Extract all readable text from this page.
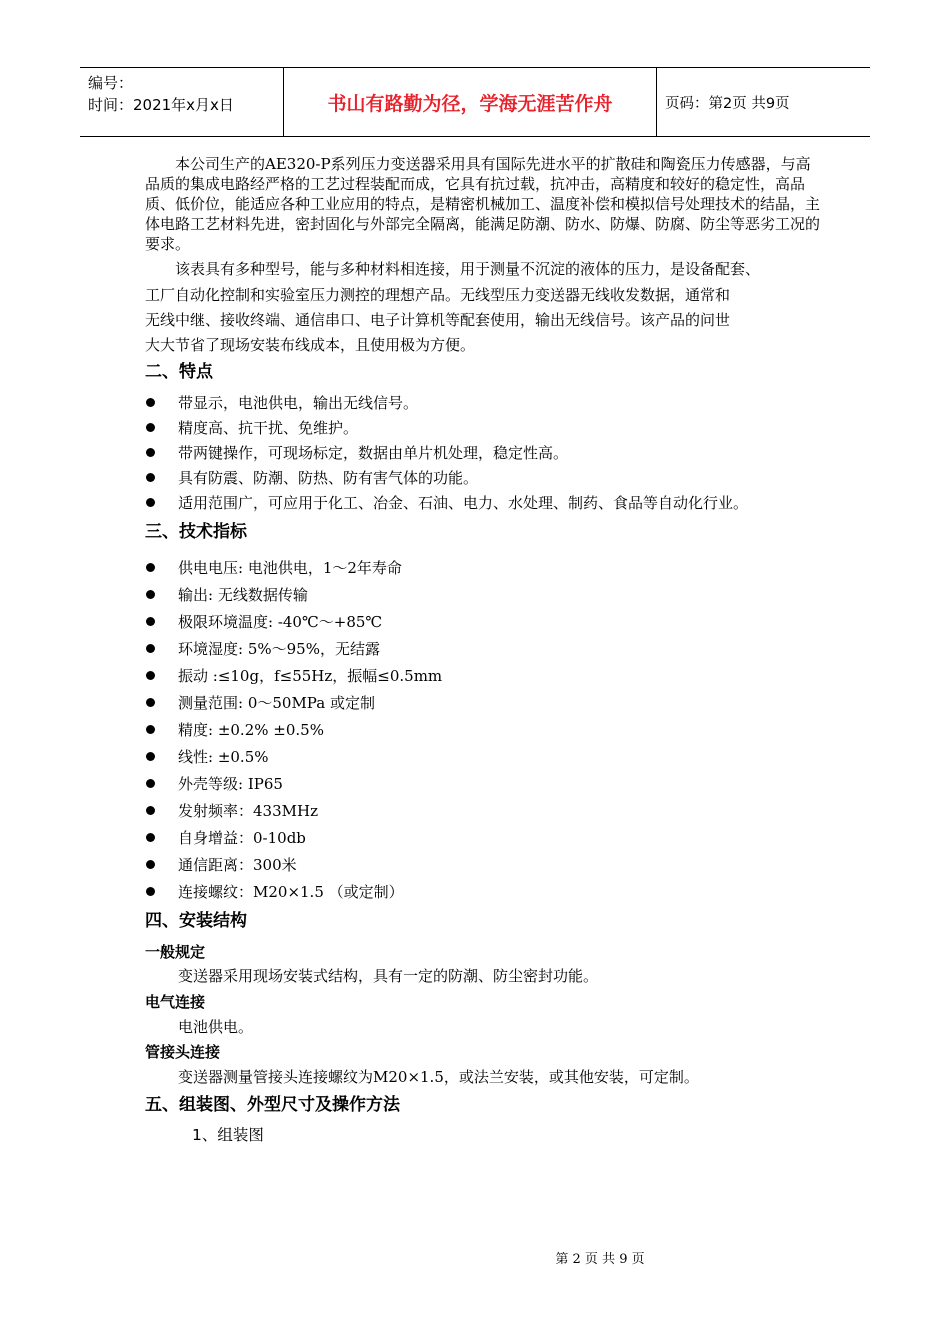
编号：
时间：2021年x月x日	书山有路勤为径，学海无涯苦作舟	页码：第2页 共9页
本公司生产的AE320-P系列压力变送器采用具有国际先进水平的扩散硅和陶瓷压力传感器，与高品质的集成电路经严格的工艺过程装配而成，它具有抗过载，抗冲击，高精度和较好的稳定性，高品质、低价位，能适应各种工业应用的特点，是精密机械加工、温度补偿和模拟信号处理技术的结晶，主体电路工艺材料先进，密封固化与外部完全隔离，能满足防潮、防水、防爆、防腐、防尘等恶劣工况的要求。
该表具有多种型号，能与多种材料相连接，用于测量不沉淀的液体的压力，是设备配套、
工厂自动化控制和实验室压力测控的理想产品。无线型压力变送器无线收发数据，通常和
无线中继、接收终端、通信串口、电子计算机等配套使用，输出无线信号。该产品的问世
大大节省了现场安装布线成本，且使用极为方便。
二、特点
带显示，电池供电，输出无线信号。
精度高、抗干扰、免维护。
带两键操作，可现场标定，数据由单片机处理，稳定性高。
具有防震、防潮、防热、防有害气体的功能。
适用范围广，可应用于化工、冶金、石油、电力、水处理、制药、食品等自动化行业。
三、技术指标
供电电压: 电池供电，1～2年寿命
输出: 无线数据传输
极限环境温度: -40℃～+85℃
环境湿度: 5%～95%，无结露
振动 :≤10g，f≤55Hz，振幅≤0.5mm
测量范围: 0～50MPa 或定制
精度: ±0.2% ±0.5%
线性: ±0.5%
外壳等级: IP65
发射频率：433MHz
自身增益：0-10db
通信距离：300米
连接螺纹：M20×1.5 （或定制）
四、安装结构
一般规定
变送器采用现场安装式结构，具有一定的防潮、防尘密封功能。
电气连接
电池供电。
管接头连接
变送器测量管接头连接螺纹为M20×1.5，或法兰安装，或其他安装，可定制。
五、组装图、外型尺寸及操作方法
1、组装图
第 2 页 共 9 页
